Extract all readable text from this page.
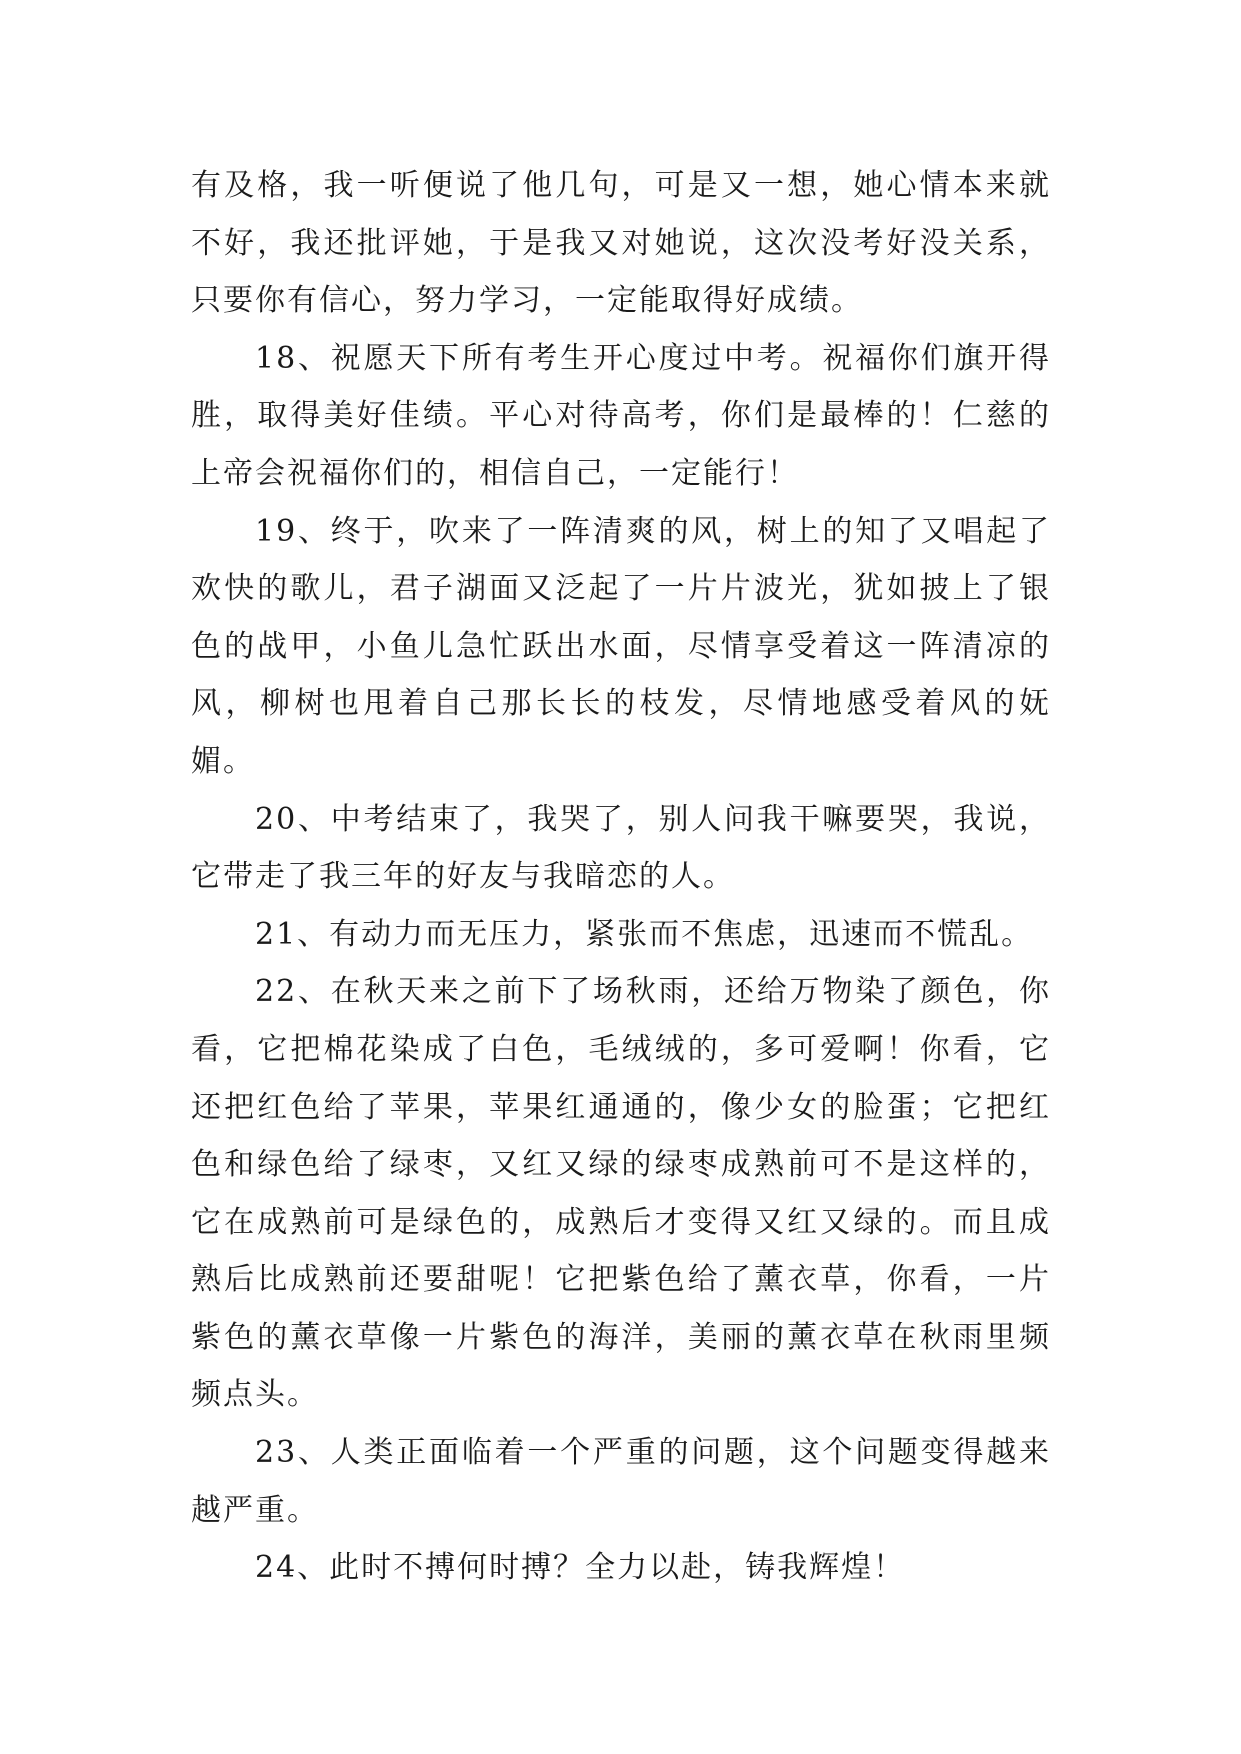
有及格，我一听便说了他几句，可是又一想，她心情本来就不好，我还批评她，于是我又对她说，这次没考好没关系，只要你有信心，努力学习，一定能取得好成绩。

18、祝愿天下所有考生开心度过中考。祝福你们旗开得胜，取得美好佳绩。平心对待高考，你们是最棒的！仁慈的上帝会祝福你们的，相信自己，一定能行！

19、终于，吹来了一阵清爽的风，树上的知了又唱起了欢快的歌儿，君子湖面又泛起了一片片波光，犹如披上了银色的战甲，小鱼儿急忙跃出水面，尽情享受着这一阵清凉的风，柳树也甩着自己那长长的枝发，尽情地感受着风的妩媚。

20、中考结束了，我哭了，别人问我干嘛要哭，我说，它带走了我三年的好友与我暗恋的人。

21、有动力而无压力，紧张而不焦虑，迅速而不慌乱。

22、在秋天来之前下了场秋雨，还给万物染了颜色，你看，它把棉花染成了白色，毛绒绒的，多可爱啊！你看，它还把红色给了苹果，苹果红通通的，像少女的脸蛋；它把红色和绿色给了绿枣，又红又绿的绿枣成熟前可不是这样的，它在成熟前可是绿色的，成熟后才变得又红又绿的。而且成熟后比成熟前还要甜呢！它把紫色给了薰衣草，你看，一片紫色的薰衣草像一片紫色的海洋，美丽的薰衣草在秋雨里频频点头。

23、人类正面临着一个严重的问题，这个问题变得越来越严重。

24、此时不搏何时搏？全力以赴，铸我辉煌！
